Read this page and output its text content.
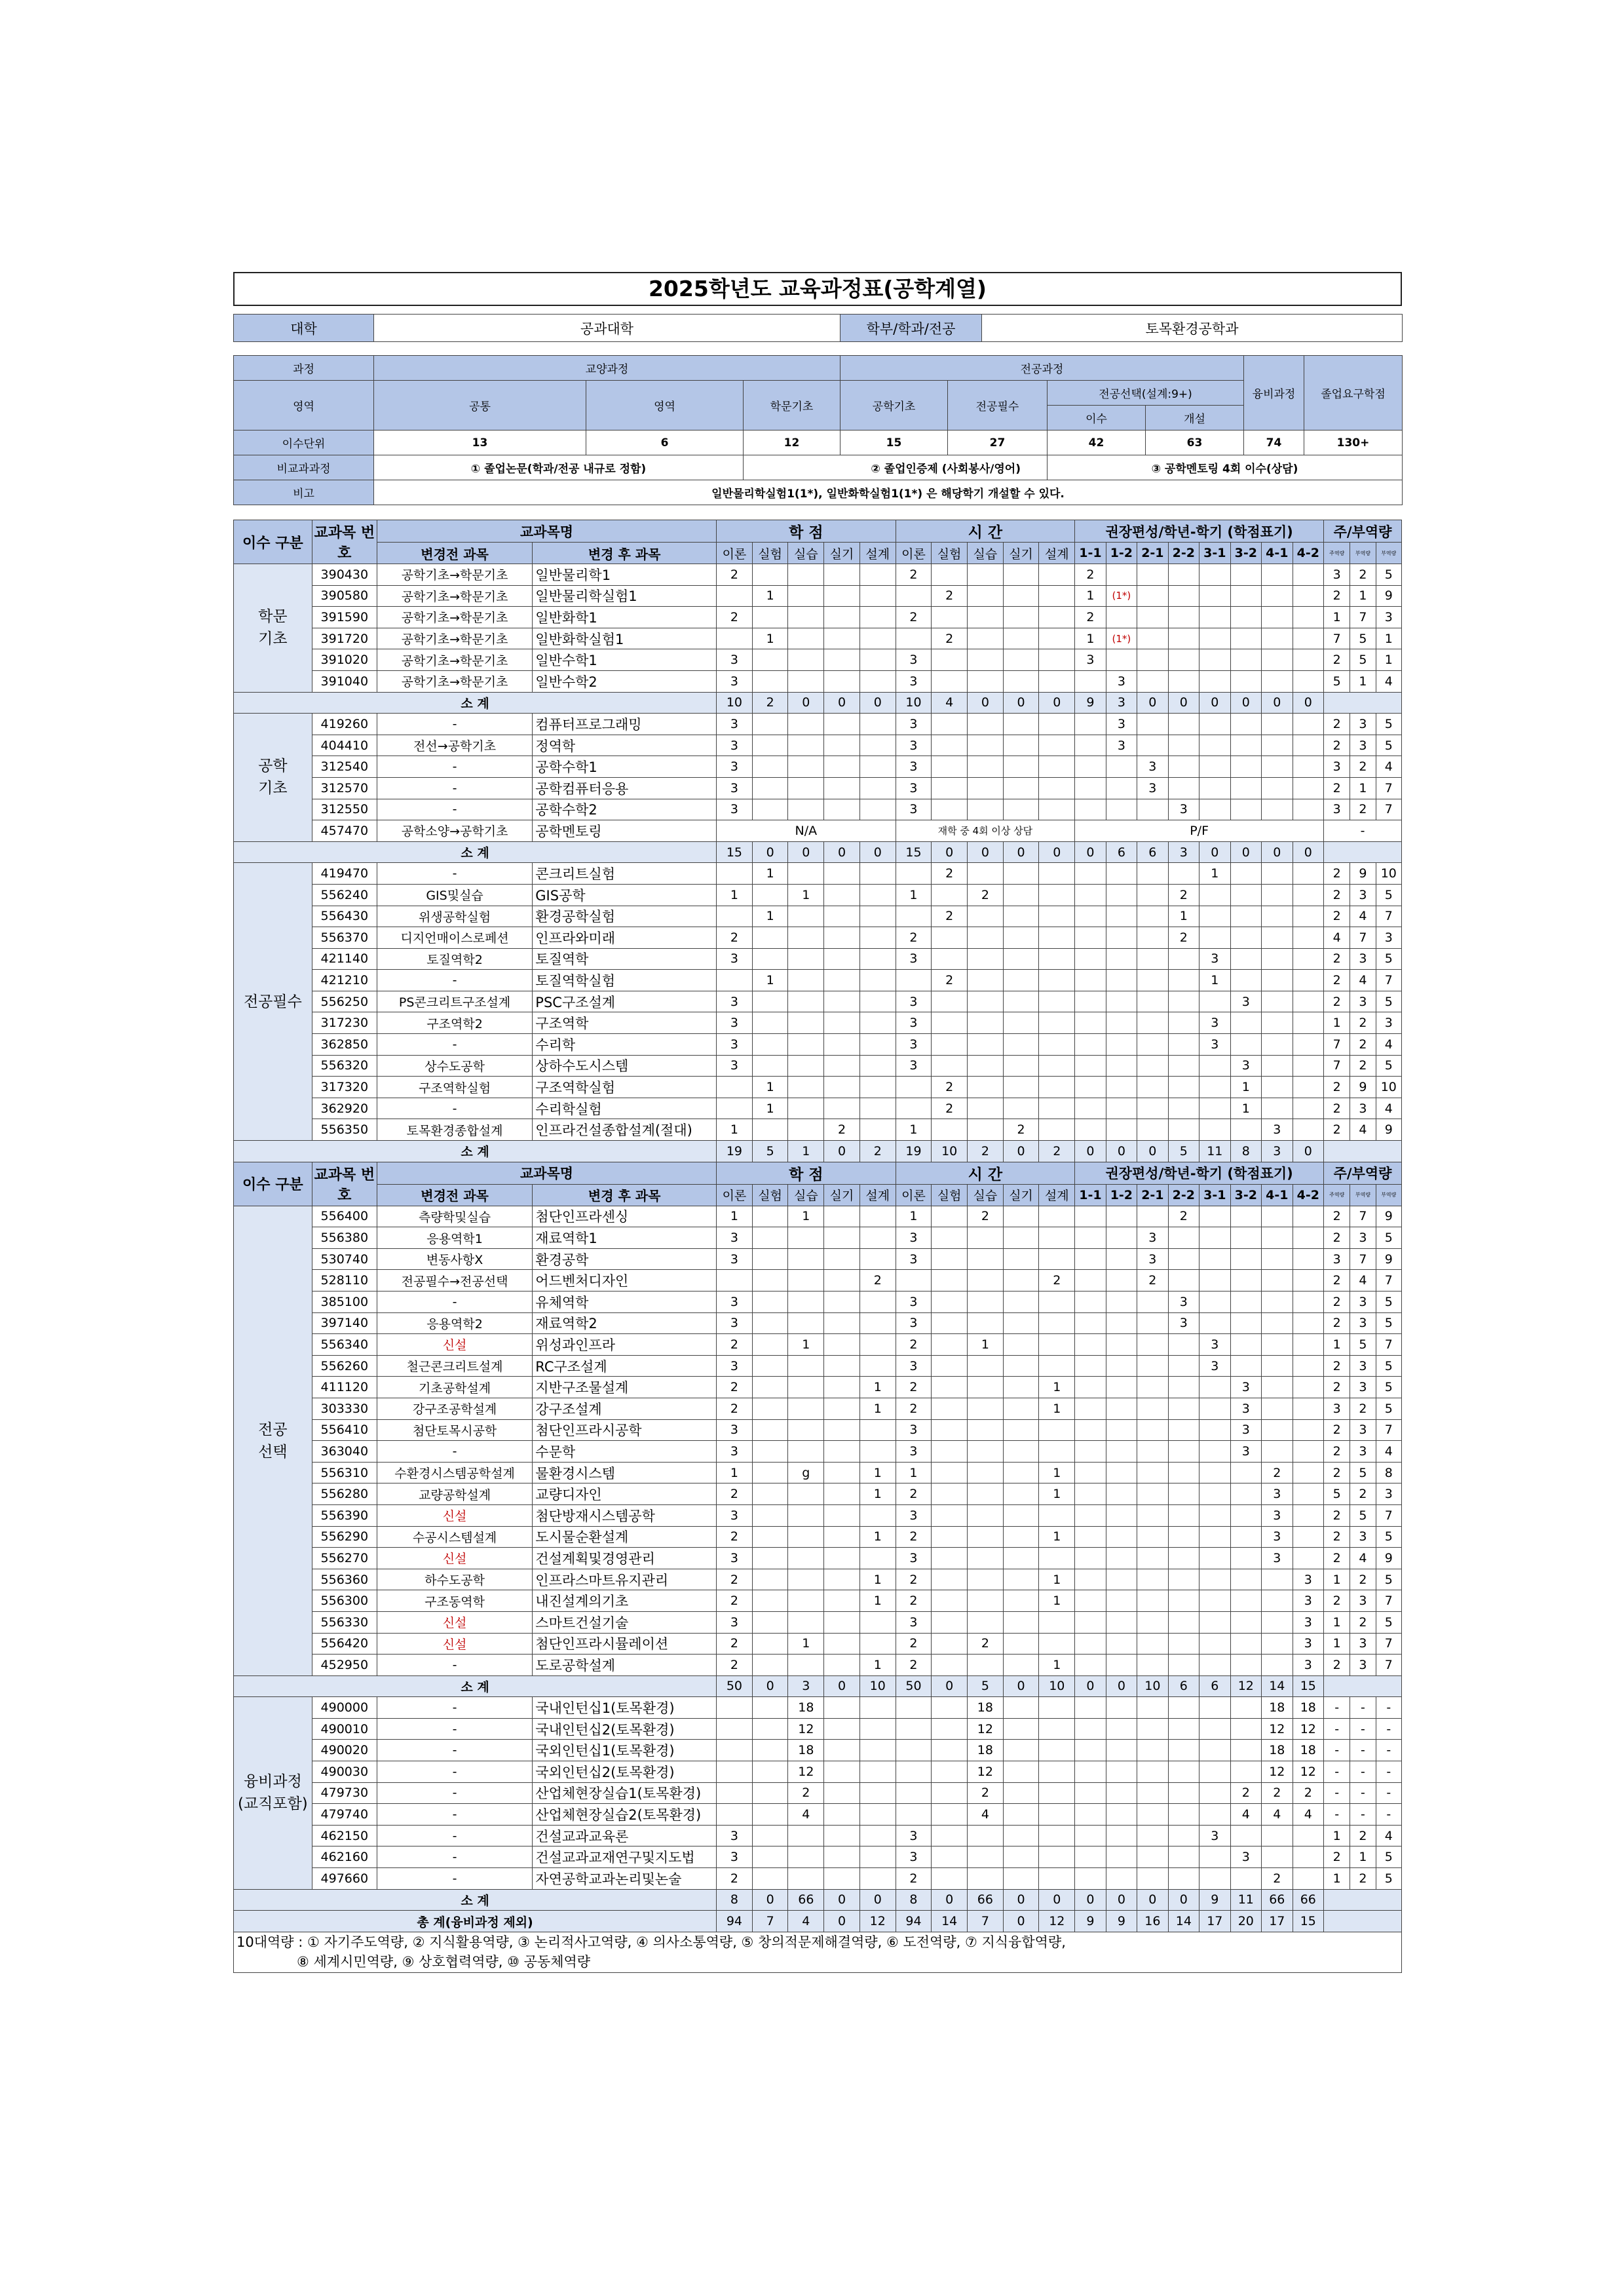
2025학년도 교육과정표(공학계열)
대학	공과대학	학부/학과/전공	토목환경공학과
과정	교양과정			전공과정				융비과정	졸업요구학점
영역	공통	영역	학문기초	공학기초	전공필수	전공선택(설계:9+)			
						이수	개설		
이수단위	13	6	12	15	27	42	63	74	130+
비교과과정	① 졸업논문(학과/전공 내규로 정함)		② 졸업인증제 (사회봉사/영어)			③ 공학멘토링 4회 이수(상담)			
비고	일반물리학실험1(1*), 일반화학실험1(1*) 은 해당학기 개설할 수 있다.								
이수 구분	교과목 번호	교과목명		학 점					시 간					권장편성/학년-학기 (학점표기)								주/부역량		
		변경전 과목	변경 후 과목	이론	실험	실습	실기	설계	이론	실험	실습	실기	설계	1-1	1-2	2-1	2-2	3-1	3-2	4-1	4-2	주역량	부역량	부역량
학문
기초	390430	공학기초→학문기초	일반물리학1	2					2					2								3	2	5
	390580	공학기초→학문기초	일반물리학실험1		1					2				1	(1*)							2	1	9
	391590	공학기초→학문기초	일반화학1	2					2					2								1	7	3
	391720	공학기초→학문기초	일반화학실험1		1					2				1	(1*)							7	5	1
	391020	공학기초→학문기초	일반수학1	3					3					3								2	5	1
	391040	공학기초→학문기초	일반수학2	3					3						3							5	1	4
소 계				10	2	0	0	0	10	4	0	0	0	9	3	0	0	0	0	0	0			
공학
기초	419260	-	컴퓨터프로그래밍	3					3						3							2	3	5
	404410	전선→공학기초	정역학	3					3						3							2	3	5
	312540	-	공학수학1	3					3							3						3	2	4
	312570	-	공학컴퓨터응용	3					3							3						2	1	7
	312550	-	공학수학2	3					3								3					3	2	7
	457470	공학소양→공학기초	공학멘토링	N/A					재학 중 4회 이상 상담					P/F								-		
소 계				15	0	0	0	0	15	0	0	0	0	0	6	6	3	0	0	0	0			
전공필수	419470	-	콘크리트실험		1					2								1				2	9	10
	556240	GIS및실습	GIS공학	1		1			1		2						2					2	3	5
	556430	위생공학실험	환경공학실험		1					2							1					2	4	7
	556370	디지언매이스로페션	인프라와미래	2					2								2					4	7	3
	421140	토질역학2	토질역학	3					3									3				2	3	5
	421210	-	토질역학실험		1					2								1				2	4	7
	556250	PS콘크리트구조설계	PSC구조설계	3					3										3			2	3	5
	317230	구조역학2	구조역학	3					3									3				1	2	3
	362850	-	수리학	3					3									3				7	2	4
	556320	상수도공학	상하수도시스템	3					3										3			7	2	5
	317320	구조역학실험	구조역학실험		1					2									1			2	9	10
	362920	-	수리학실험		1					2									1			2	3	4
	556350	토목환경종합설계	인프라건설종합설계(절대)	1			2		1			2								3		2	4	9
소 계				19	5	1	0	2	19	10	2	0	2	0	0	0	5	11	8	3	0			
이수 구분	교과목 번호	교과목명		학 점					시 간					권장편성/학년-학기 (학점표기)								주/부역량		
		변경전 과목	변경 후 과목	이론	실험	실습	실기	설계	이론	실험	실습	실기	설계	1-1	1-2	2-1	2-2	3-1	3-2	4-1	4-2	주역량	부역량	부역량
전공
선택	556400	측량학및실습	첨단인프라센싱	1		1			1		2						2					2	7	9
	556380	응용역학1	재료역학1	3					3							3						2	3	5
	530740	변동사항X	환경공학	3					3							3						3	7	9
	528110	전공필수→전공선택	어드벤처디자인					2					2			2						2	4	7
	385100	-	유체역학	3					3								3					2	3	5
	397140	응용역학2	재료역학2	3					3								3					2	3	5
	556340	신설	위성과인프라	2		1			2		1							3				1	5	7
	556260	철근콘크리트설계	RC구조설계	3					3									3				2	3	5
	411120	기초공학설계	지반구조물설계	2				1	2				1						3			2	3	5
	303330	강구조공학설계	강구조설계	2				1	2				1						3			3	2	5
	556410	첨단토목시공학	첨단인프라시공학	3					3										3			2	3	7
	363040	-	수문학	3					3										3			2	3	4
	556310	수환경시스템공학설계	물환경시스템	1		g		1	1				1							2		2	5	8
	556280	교량공학설계	교량디자인	2				1	2				1							3		5	2	3
	556390	신설	첨단방재시스템공학	3					3											3		2	5	7
	556290	수공시스템설계	도시물순환설계	2				1	2				1							3		2	3	5
	556270	신설	건설계획및경영관리	3					3											3		2	4	9
	556360	하수도공학	인프라스마트유지관리	2				1	2				1								3	1	2	5
	556300	구조동역학	내진설계의기초	2				1	2				1								3	2	3	7
	556330	신설	스마트건설기술	3					3												3	1	2	5
	556420	신설	첨단인프라시뮬레이션	2		1			2		2										3	1	3	7
	452950	-	도로공학설계	2				1	2				1								3	2	3	7
소 계				50	0	3	0	10	50	0	5	0	10	0	0	10	6	6	12	14	15			
융비과정
(교직포함)	490000	-	국내인턴십1(토목환경)			18					18									18	18	-	-	-
	490010	-	국내인턴십2(토목환경)			12					12									12	12	-	-	-
	490020	-	국외인턴십1(토목환경)			18					18									18	18	-	-	-
	490030	-	국외인턴십2(토목환경)			12					12									12	12	-	-	-
	479730	-	산업체현장실습1(토목환경)			2					2								2	2	2	-	-	-
	479740	-	산업체현장실습2(토목환경)			4					4								4	4	4	-	-	-
	462150	-	건설교과교육론	3					3									3				1	2	4
	462160	-	건설교과교재연구및지도법	3					3										3			2	1	5
	497660	-	자연공학교과논리및논술	2					2											2		1	2	5
소 계				8	0	66	0	0	8	0	66	0	0	0	0	0	0	9	11	66	66			
총 계(융비과정 제외)				94	7	4	0	12	94	14	7	0	12	9	9	16	14	17	20	17	15			
10대역량 : ① 자기주도역량, ② 지식활용역량, ③ 논리적사고역량, ④ 의사소통역량, ⑤ 창의적문제해결역량, ⑥ 도전역량, ⑦ 지식융합역량,
⑧ 세계시민역량, ⑨ 상호협력역량, ⑩ 공동체역량
